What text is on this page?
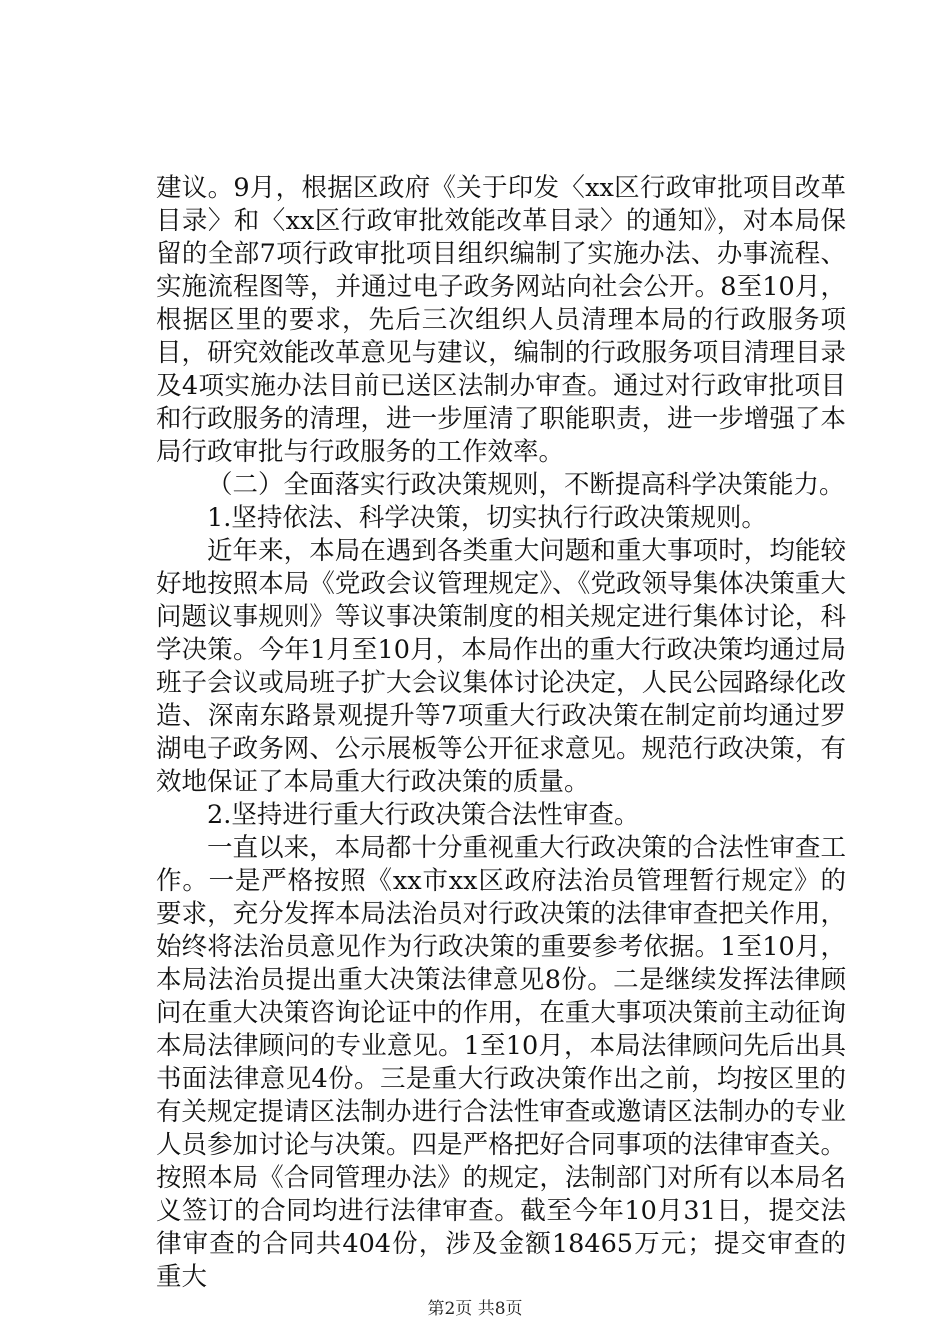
建议。9月，根据区政府《关于印发〈xx区行政审批项目改革目录〉和〈xx区行政审批效能改革目录〉的通知》，对本局保留的全部7项行政审批项目组织编制了实施办法、办事流程、实施流程图等，并通过电子政务网站向社会公开。8至10月，根据区里的要求，先后三次组织人员清理本局的行政服务项目，研究效能改革意见与建议，编制的行政服务项目清理目录及4项实施办法目前已送区法制办审查。通过对行政审批项目和行政服务的清理，进一步厘清了职能职责，进一步增强了本局行政审批与行政服务的工作效率。

（二）全面落实行政决策规则，不断提高科学决策能力。

1.坚持依法、科学决策，切实执行行政决策规则。

近年来，本局在遇到各类重大问题和重大事项时，均能较好地按照本局《党政会议管理规定》、《党政领导集体决策重大问题议事规则》等议事决策制度的相关规定进行集体讨论，科学决策。今年1月至10月，本局作出的重大行政决策均通过局班子会议或局班子扩大会议集体讨论决定，人民公园路绿化改造、深南东路景观提升等7项重大行政决策在制定前均通过罗湖电子政务网、公示展板等公开征求意见。规范行政决策，有效地保证了本局重大行政决策的质量。

2.坚持进行重大行政决策合法性审查。

一直以来，本局都十分重视重大行政决策的合法性审查工作。一是严格按照《xx市xx区政府法治员管理暂行规定》的要求，充分发挥本局法治员对行政决策的法律审查把关作用，始终将法治员意见作为行政决策的重要参考依据。1至10月，本局法治员提出重大决策法律意见8份。二是继续发挥法律顾问在重大决策咨询论证中的作用，在重大事项决策前主动征询本局法律顾问的专业意见。1至10月，本局法律顾问先后出具书面法律意见4份。三是重大行政决策作出之前，均按区里的有关规定提请区法制办进行合法性审查或邀请区法制办的专业人员参加讨论与决策。四是严格把好合同事项的法律审查关。按照本局《合同管理办法》的规定，法制部门对所有以本局名义签订的合同均进行法律审查。截至今年10月31日，提交法律审查的合同共404份，涉及金额18465万元；提交审查的重大

第2页 共8页
